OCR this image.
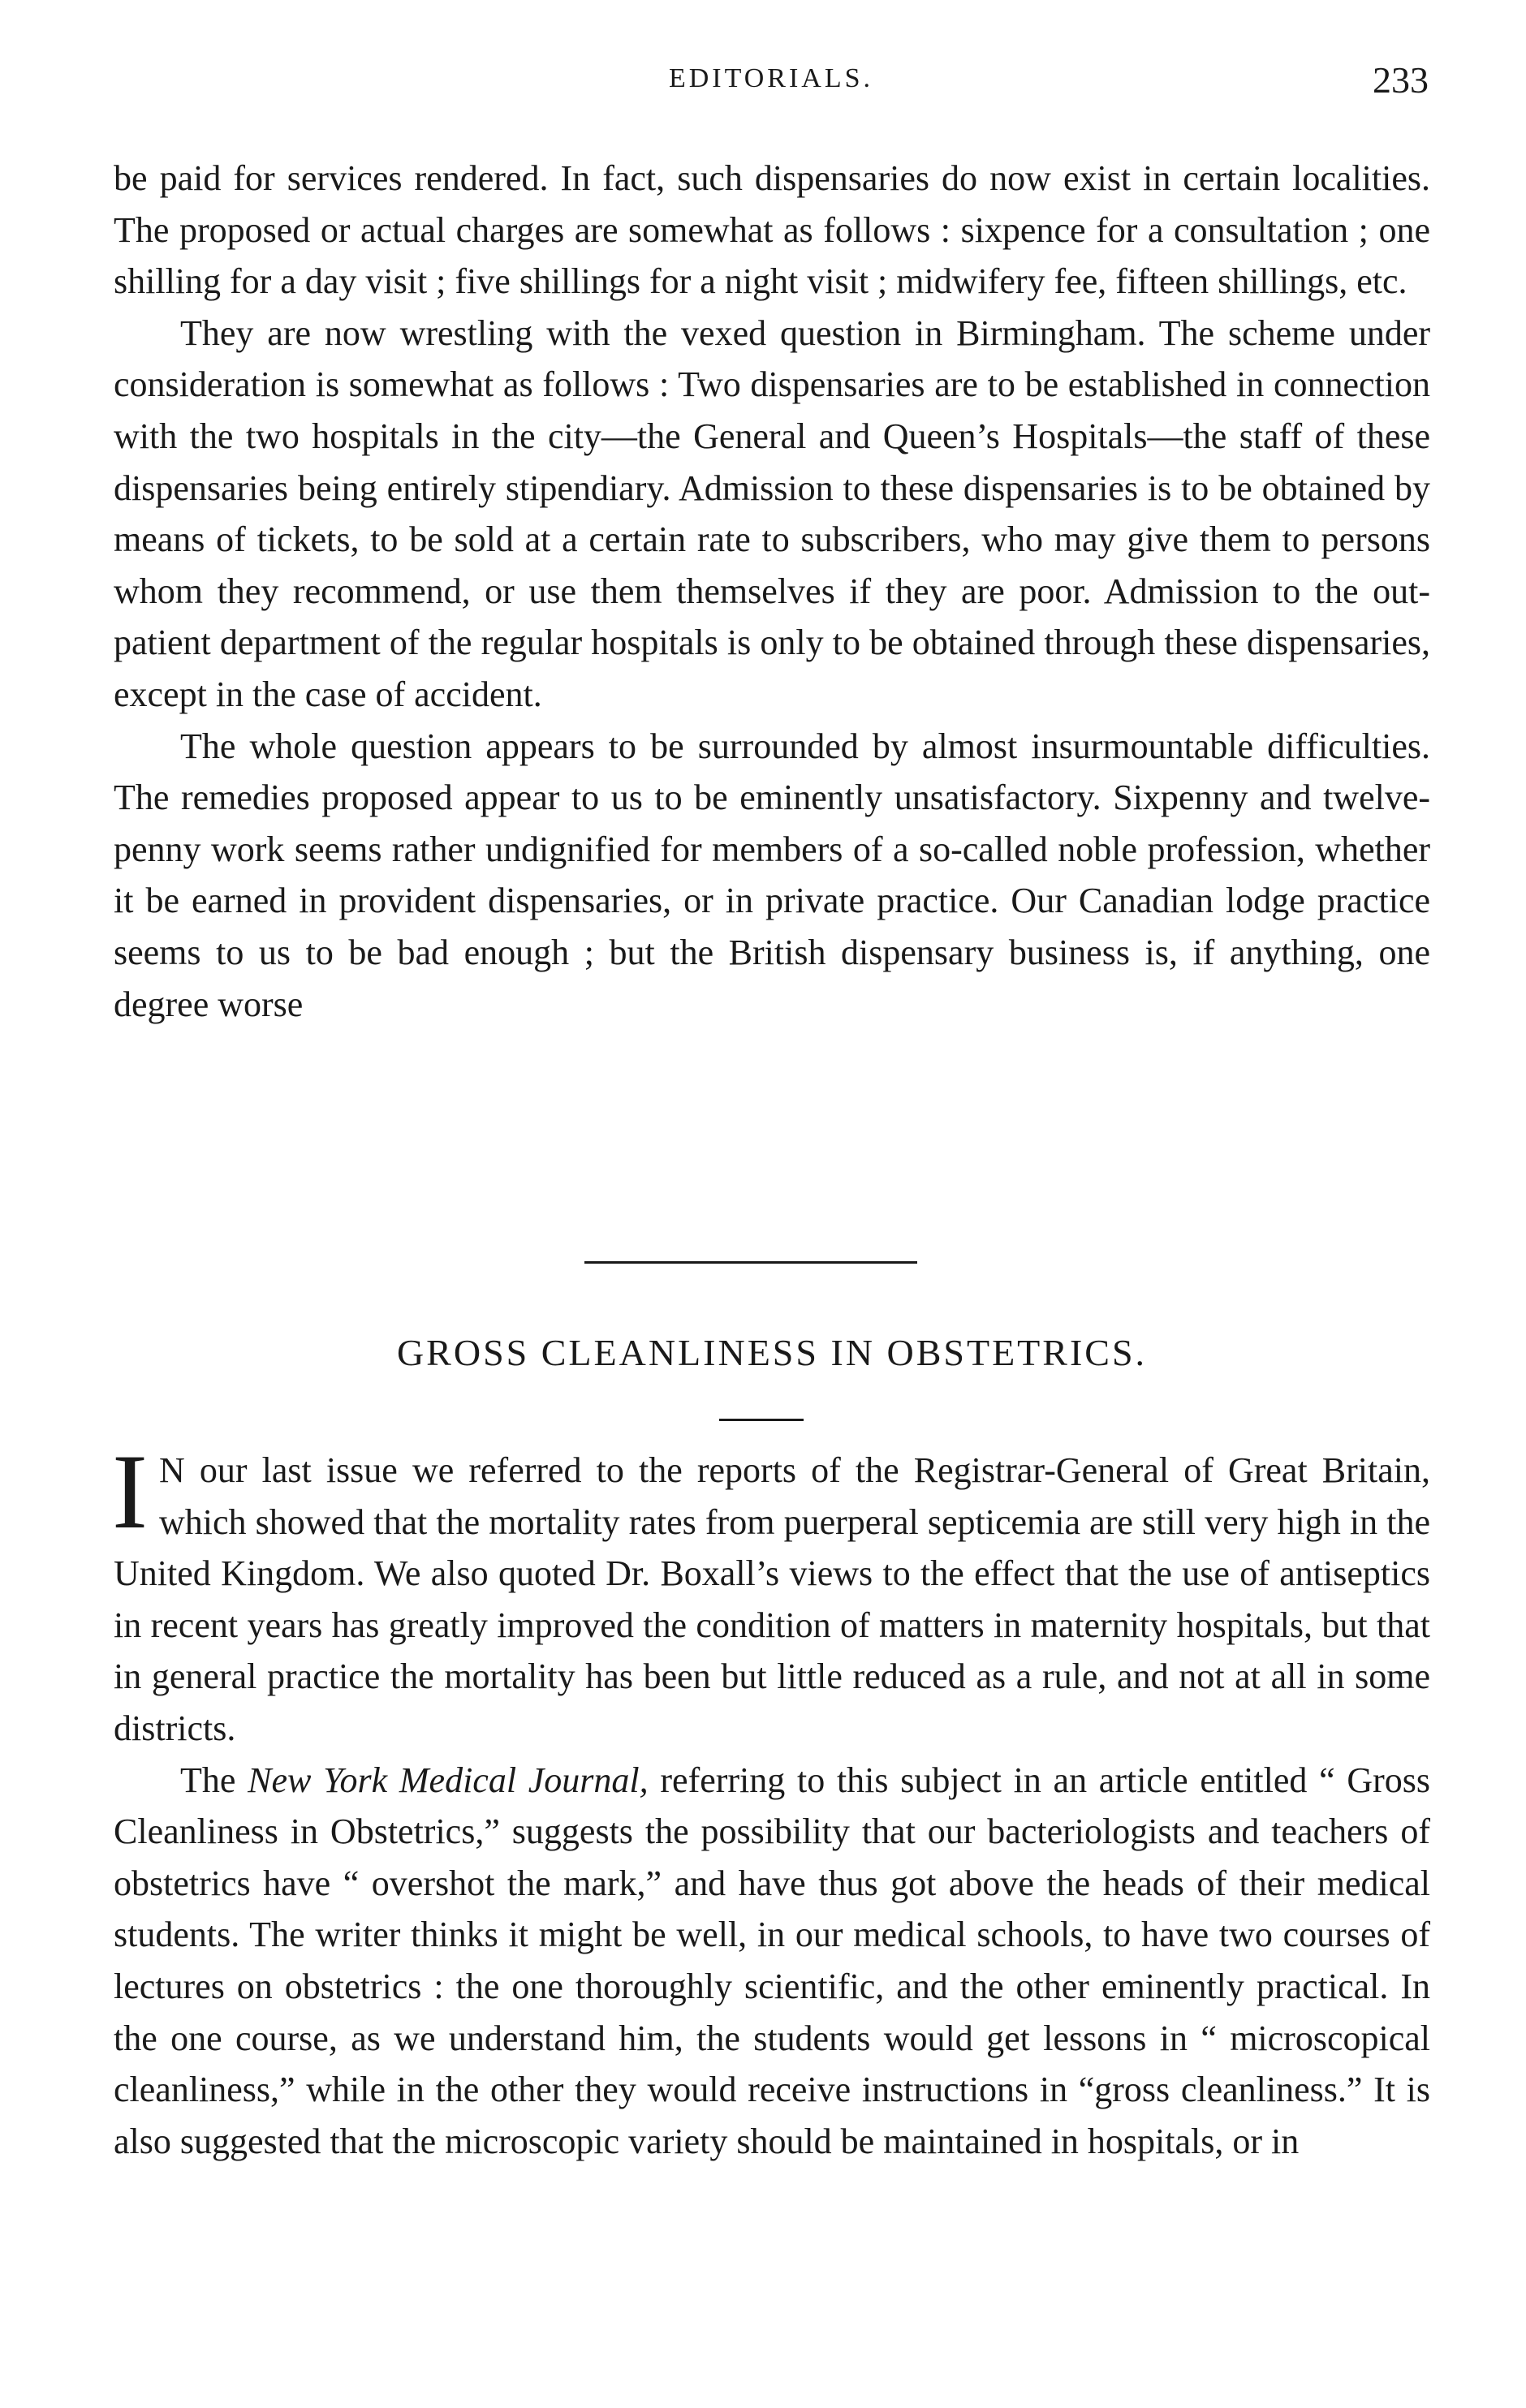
EDITORIALS.	233

be paid for services rendered. In fact, such dispensaries do now exist in certain localities. The proposed or actual charges are somewhat as follows : sixpence for a consultation ; one shilling for a day visit ; five shillings for a night visit ; midwifery fee, fifteen shillings, etc.

They are now wrestling with the vexed question in Birmingham. The scheme under consideration is somewhat as follows : Two dispensaries are to be established in connection with the two hospitals in the city—the General and Queen’s Hospitals—the staff of these dispensaries being entirely stipendiary. Admission to these dispensaries is to be obtained by means of tickets, to be sold at a certain rate to subscribers, who may give them to persons whom they recommend, or use them themselves if they are poor. Admission to the out-patient department of the regular hospitals is only to be obtained through these dispensaries, except in the case of accident.

The whole question appears to be surrounded by almost insurmountable difficulties. The remedies proposed appear to us to be eminently unsatisfactory. Sixpenny and twelve-penny work seems rather undignified for members of a so-called noble profession, whether it be earned in provident dispensaries, or in private practice. Our Canadian lodge practice seems to us to be bad enough ; but the British dispensary business is, if anything, one degree worse

GROSS CLEANLINESS IN OBSTETRICS.

I N our last issue we referred to the reports of the Registrar-General of Great Britain, which showed that the mortality rates from puerperal septicemia are still very high in the United Kingdom. We also quoted Dr. Boxall’s views to the effect that the use of antiseptics in recent years has greatly improved the condition of matters in maternity hospitals, but that in general practice the mortality has been but little reduced as a rule, and not at all in some districts.

The New York Medical Journal, referring to this subject in an article entitled “ Gross Cleanliness in Obstetrics,” suggests the possibility that our bacteriologists and teachers of obstetrics have “ overshot the mark,” and have thus got above the heads of their medical students. The writer thinks it might be well, in our medical schools, to have two courses of lectures on obstetrics : the one thoroughly scientific, and the other eminently practical. In the one course, as we understand him, the students would get lessons in “ microscopical cleanliness,” while in the other they would receive instructions in “gross cleanliness.” It is also suggested that the microscopic variety should be maintained in hospitals, or in
